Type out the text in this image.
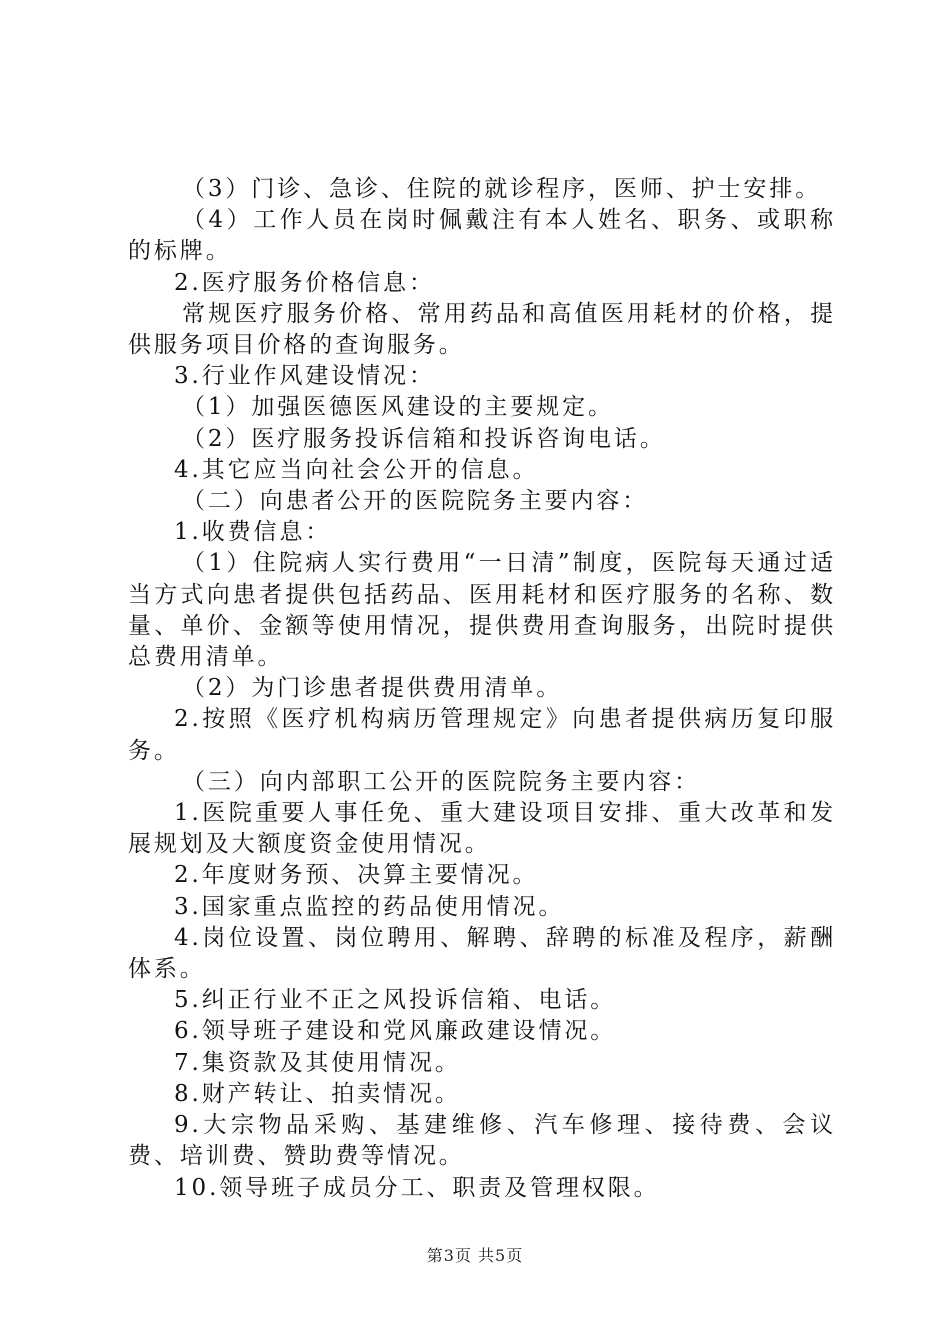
（3）门诊、急诊、住院的就诊程序，医师、护士安排。

（4）工作人员在岗时佩戴注有本人姓名、职务、或职称的标牌。

2.医疗服务价格信息：

常规医疗服务价格、常用药品和高值医用耗材的价格，提供服务项目价格的查询服务。

3.行业作风建设情况：

（1）加强医德医风建设的主要规定。

（2）医疗服务投诉信箱和投诉咨询电话。

4.其它应当向社会公开的信息。

（二）向患者公开的医院院务主要内容：

1.收费信息：

（1）住院病人实行费用“一日清”制度，医院每天通过适当方式向患者提供包括药品、医用耗材和医疗服务的名称、数量、单价、金额等使用情况，提供费用查询服务，出院时提供总费用清单。

（2）为门诊患者提供费用清单。

2.按照《医疗机构病历管理规定》向患者提供病历复印服务。

（三）向内部职工公开的医院院务主要内容：

1.医院重要人事任免、重大建设项目安排、重大改革和发展规划及大额度资金使用情况。

2.年度财务预、决算主要情况。

3.国家重点监控的药品使用情况。

4.岗位设置、岗位聘用、解聘、辞聘的标准及程序，薪酬体系。

5.纠正行业不正之风投诉信箱、电话。

6.领导班子建设和党风廉政建设情况。

7.集资款及其使用情况。

8.财产转让、拍卖情况。

9.大宗物品采购、基建维修、汽车修理、接待费、会议费、培训费、赞助费等情况。

10.领导班子成员分工、职责及管理权限。

第3页 共5页
